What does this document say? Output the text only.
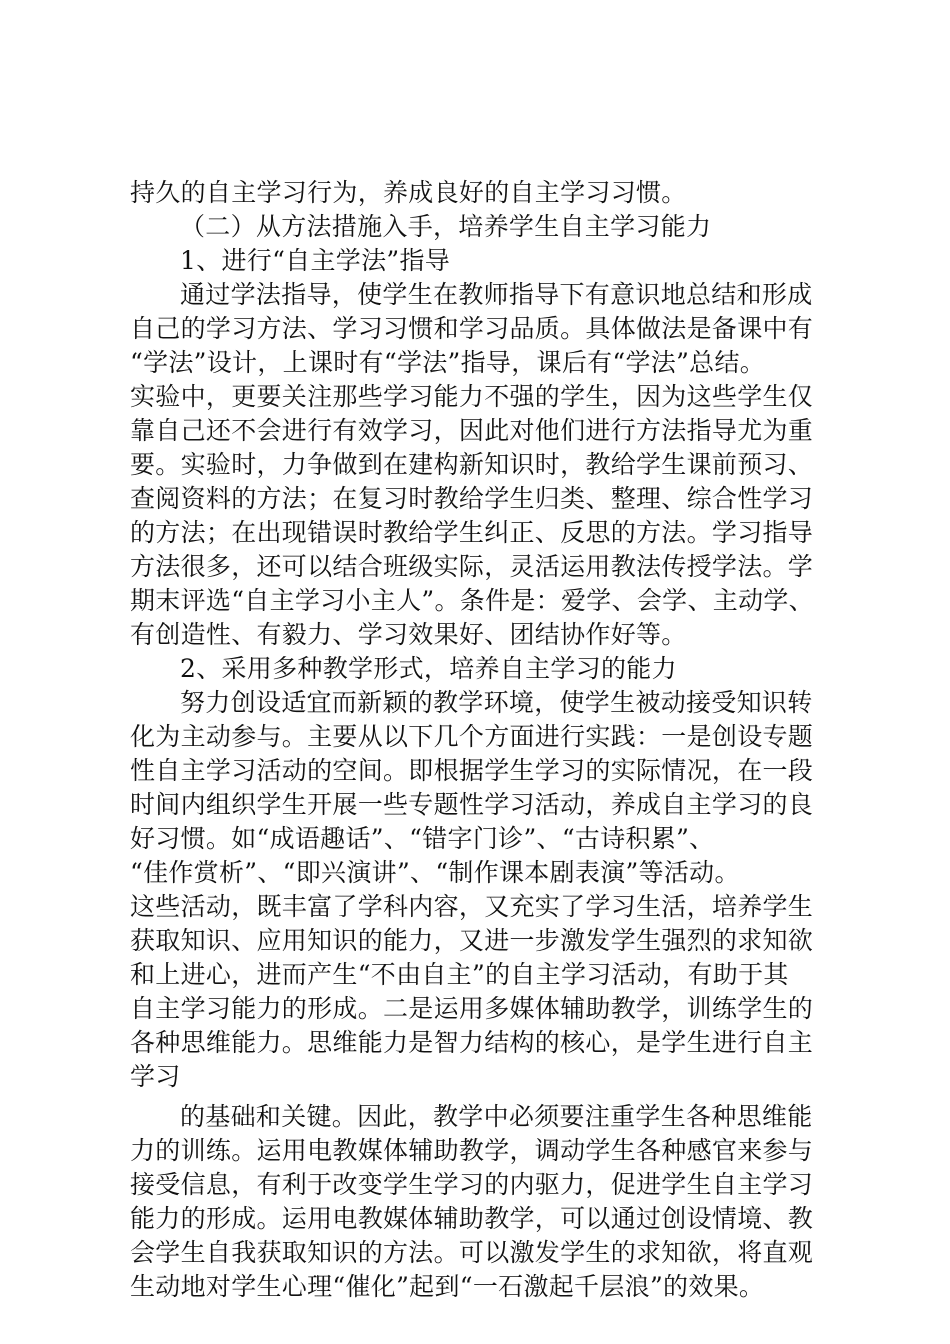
持久的自主学习行为，养成良好的自主学习习惯。
（二）从方法措施入手，培养学生自主学习能力
1、进行“自主学法”指导
通过学法指导，使学生在教师指导下有意识地总结和形成
自己的学习方法、学习习惯和学习品质。具体做法是备课中有
“学法”设计，上课时有“学法”指导，课后有“学法”总结。
实验中，更要关注那些学习能力不强的学生，因为这些学生仅
靠自己还不会进行有效学习，因此对他们进行方法指导尤为重
要。实验时，力争做到在建构新知识时，教给学生课前预习、
查阅资料的方法；在复习时教给学生归类、整理、综合性学习
的方法；在出现错误时教给学生纠正、反思的方法。学习指导
方法很多，还可以结合班级实际，灵活运用教法传授学法。学
期末评选“自主学习小主人”。条件是：爱学、会学、主动学、
有创造性、有毅力、学习效果好、团结协作好等。
2、采用多种教学形式，培养自主学习的能力
努力创设适宜而新颖的教学环境，使学生被动接受知识转
化为主动参与。主要从以下几个方面进行实践：一是创设专题
性自主学习活动的空间。即根据学生学习的实际情况，在一段
时间内组织学生开展一些专题性学习活动，养成自主学习的良
好习惯。如“成语趣话”、“错字门诊”、“古诗积累”、
“佳作赏析”、“即兴演讲”、“制作课本剧表演”等活动。
这些活动，既丰富了学科内容，又充实了学习生活，培养学生
获取知识、应用知识的能力，又进一步激发学生强烈的求知欲
和上进心，进而产生“不由自主”的自主学习活动，有助于其
自主学习能力的形成。二是运用多媒体辅助教学，训练学生的
各种思维能力。思维能力是智力结构的核心，是学生进行自主
学习
的基础和关键。因此，教学中必须要注重学生各种思维能
力的训练。运用电教媒体辅助教学，调动学生各种感官来参与
接受信息，有利于改变学生学习的内驱力，促进学生自主学习
能力的形成。运用电教媒体辅助教学，可以通过创设情境、教
会学生自我获取知识的方法。可以激发学生的求知欲，将直观
生动地对学生心理“催化”起到“一石激起千层浪”的效果。
